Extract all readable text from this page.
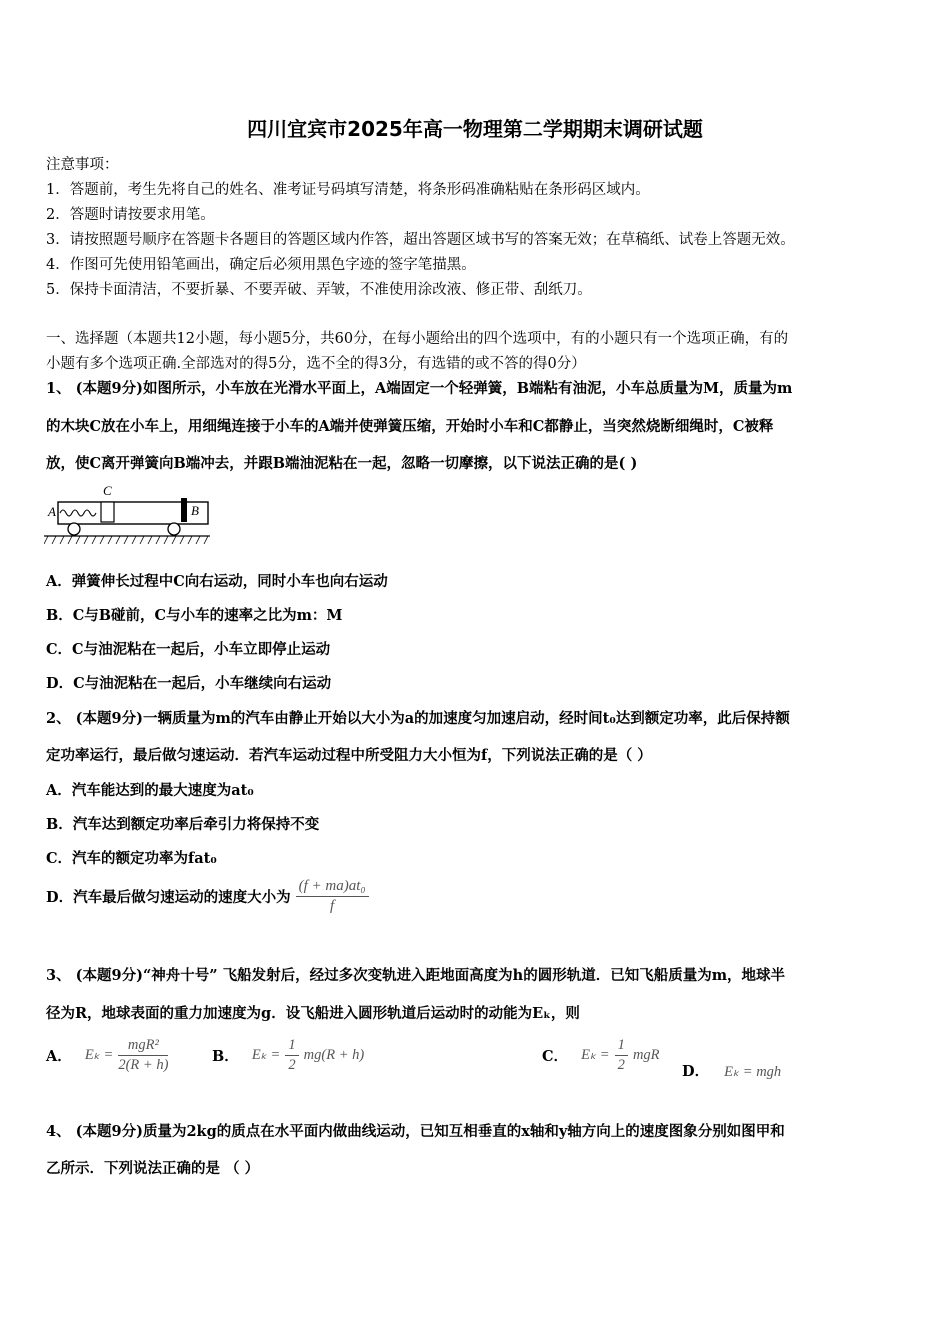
四川宜宾市2025年高一物理第二学期期末调研试题
注意事项：
1．答题前，考生先将自己的姓名、准考证号码填写清楚，将条形码准确粘贴在条形码区域内。
2．答题时请按要求用笔。
3．请按照题号顺序在答题卡各题目的答题区域内作答，超出答题区域书写的答案无效；在草稿纸、试卷上答题无效。
4．作图可先使用铅笔画出，确定后必须用黑色字迹的签字笔描黑。
5．保持卡面清洁，不要折暴、不要弄破、弄皱，不准使用涂改液、修正带、刮纸刀。
一、选择题（本题共12小题，每小题5分，共60分，在每小题给出的四个选项中，有的小题只有一个选项正确，有的
小题有多个选项正确.全部选对的得5分，选不全的得3分，有选错的或不答的得0分）
1、 (本题9分)如图所示，小车放在光滑水平面上，A端固定一个轻弹簧，B端粘有油泥，小车总质量为M，质量为m
的木块C放在小车上，用细绳连接于小车的A端并使弹簧压缩，开始时小车和C都静止，当突然烧断细绳时，C被释
放，使C离开弹簧向B端冲去，并跟B端油泥粘在一起，忽略一切摩擦，以下说法正确的是( )
A
C
B
A．弹簧伸长过程中C向右运动，同时小车也向右运动
B．C与B碰前，C与小车的速率之比为m：M
C．C与油泥粘在一起后，小车立即停止运动
D．C与油泥粘在一起后，小车继续向右运动
2、 (本题9分)一辆质量为m的汽车由静止开始以大小为a的加速度匀加速启动，经时间t₀达到额定功率，此后保持额
定功率运行，最后做匀速运动．若汽车运动过程中所受阻力大小恒为f，下列说法正确的是（ ）
A．汽车能达到的最大速度为at₀
B．汽车达到额定功率后牵引力将保持不变
C．汽车的额定功率为fat₀
D．汽车最后做匀速运动的速度大小为 $\frac{\text{(f + ma)at₀}}{f}$
3、 (本题9分)“神舟十号” 飞船发射后，经过多次变轨进入距地面高度为h的圆形轨道．已知飞船质量为m，地球半
径为R，地球表面的重力加速度为g．设飞船进入圆形轨道后运动时的动能为Eₖ，则
A． $E_k = \frac{\text{mgR²}}{2(R + h)}$	B． $E_k = \frac{1}{2} mg(R + h)$	C． $E_k = \frac{1}{2}$ mgR
D． Eₖ = mgh
4、 (本题9分)质量为2kg的质点在水平面内做曲线运动，已知互相垂直的x轴和y轴方向上的速度图象分别如图甲和
乙所示．下列说法正确的是 （ ）
